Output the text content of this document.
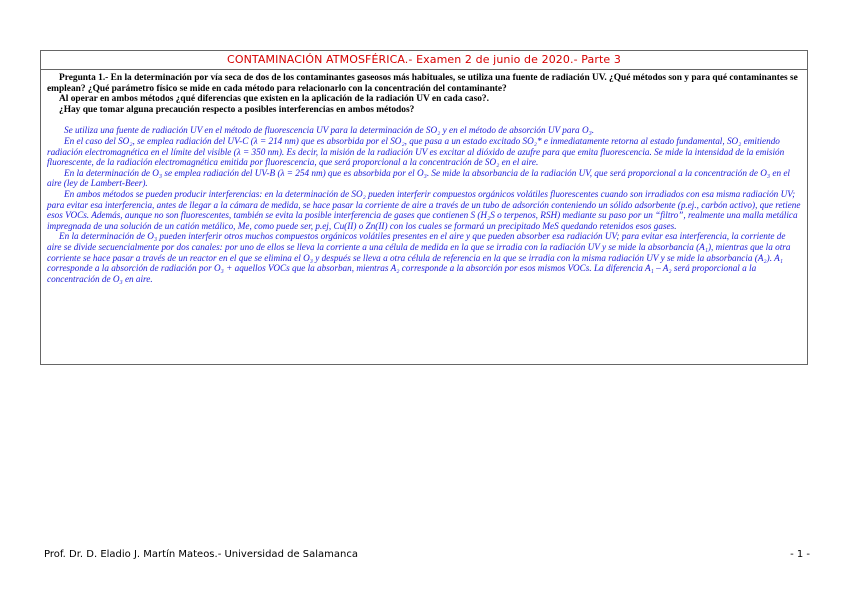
CONTAMINACIÓN ATMOSFÉRICA.- Examen 2 de junio de 2020.- Parte 3

Pregunta 1.- En la determinación por vía seca de dos de los contaminantes gaseosos más habituales, se utiliza una fuente de radiación UV. ¿Qué métodos son y para qué contaminantes se emplean? ¿Qué parámetro físico se mide en cada método para relacionarlo con la concentración del contaminante?

Al operar en ambos métodos ¿qué diferencias que existen en la aplicación de la radiación UV en cada caso?.

¿Hay que tomar alguna precaución respecto a posibles interferencias en ambos métodos?

Se utiliza una fuente de radiación UV en el método de fluorescencia UV para la determinación de SO₂ y en el método de absorción UV para O₃.

En el caso del SO₂, se emplea radiación del UV-C (λ = 214 nm) que es absorbida por el SO₂, que pasa a un estado excitado SO₂* e inmediatamente retorna al estado fundamental, SO₂ emitiendo radiación electromagnética en el límite del visible (λ = 350 nm). Es decir, la misión de la radiación UV es excitar al dióxido de azufre para que emita fluorescencia. Se mide la intensidad de la emisión fluorescente, de la radiación electromagnética emitida por fluorescencia, que será proporcional a la concentración de SO₂ en el aire.

En la determinación de O₃ se emplea radiación del UV-B (λ = 254 nm) que es absorbida por el O₃. Se mide la absorbancia de la radiación UV, que será proporcional a la concentración de O₃ en el aire (ley de Lambert-Beer).

En ambos métodos se pueden producir interferencias: en la determinación de SO₂ pueden interferir compuestos orgánicos volátiles fluorescentes cuando son irradiados con esa misma radiación UV; para evitar esa interferencia, antes de llegar a la cámara de medida, se hace pasar la corriente de aire a través de un tubo de adsorción conteniendo un sólido adsorbente (p.ej., carbón activo), que retiene esos VOCs. Además, aunque no son fluorescentes, también se evita la posible interferencia de gases que contienen S (H₂S o terpenos, RSH) mediante su paso por un “filtro”, realmente una malla metálica impregnada de una solución de un catión metálico, Me, como puede ser, p.ej, Cu(II) o Zn(II) con los cuales se formará un precipitado MeS quedando retenidos esos gases.

En la determinación de O₃ pueden interferir otros muchos compuestos orgánicos volátiles presentes en el aire y que pueden absorber esa radiación UV; para evitar esa interferencia, la corriente de aire se divide secuencialmente por dos canales: por uno de ellos se lleva la corriente a una célula de medida en la que se irradia con la radiación UV y se mide la absorbancia (A₁), mientras que la otra corriente se hace pasar a través de un reactor en el que se elimina el O₃ y después se lleva a otra célula de referencia en la que se irradia con la misma radiación UV y se mide la absorbancia (A₂). A₁ corresponde a la absorción de radiación por O₃ + aquellos VOCs que la absorban, mientras A₂ corresponde a la absorción por esos mismos VOCs. La diferencia A₁ – A₂ será proporcional a la concentración de O₃ en aire.

Prof. Dr. D. Eladio J. Martín Mateos.- Universidad de Salamanca	- 1 -
